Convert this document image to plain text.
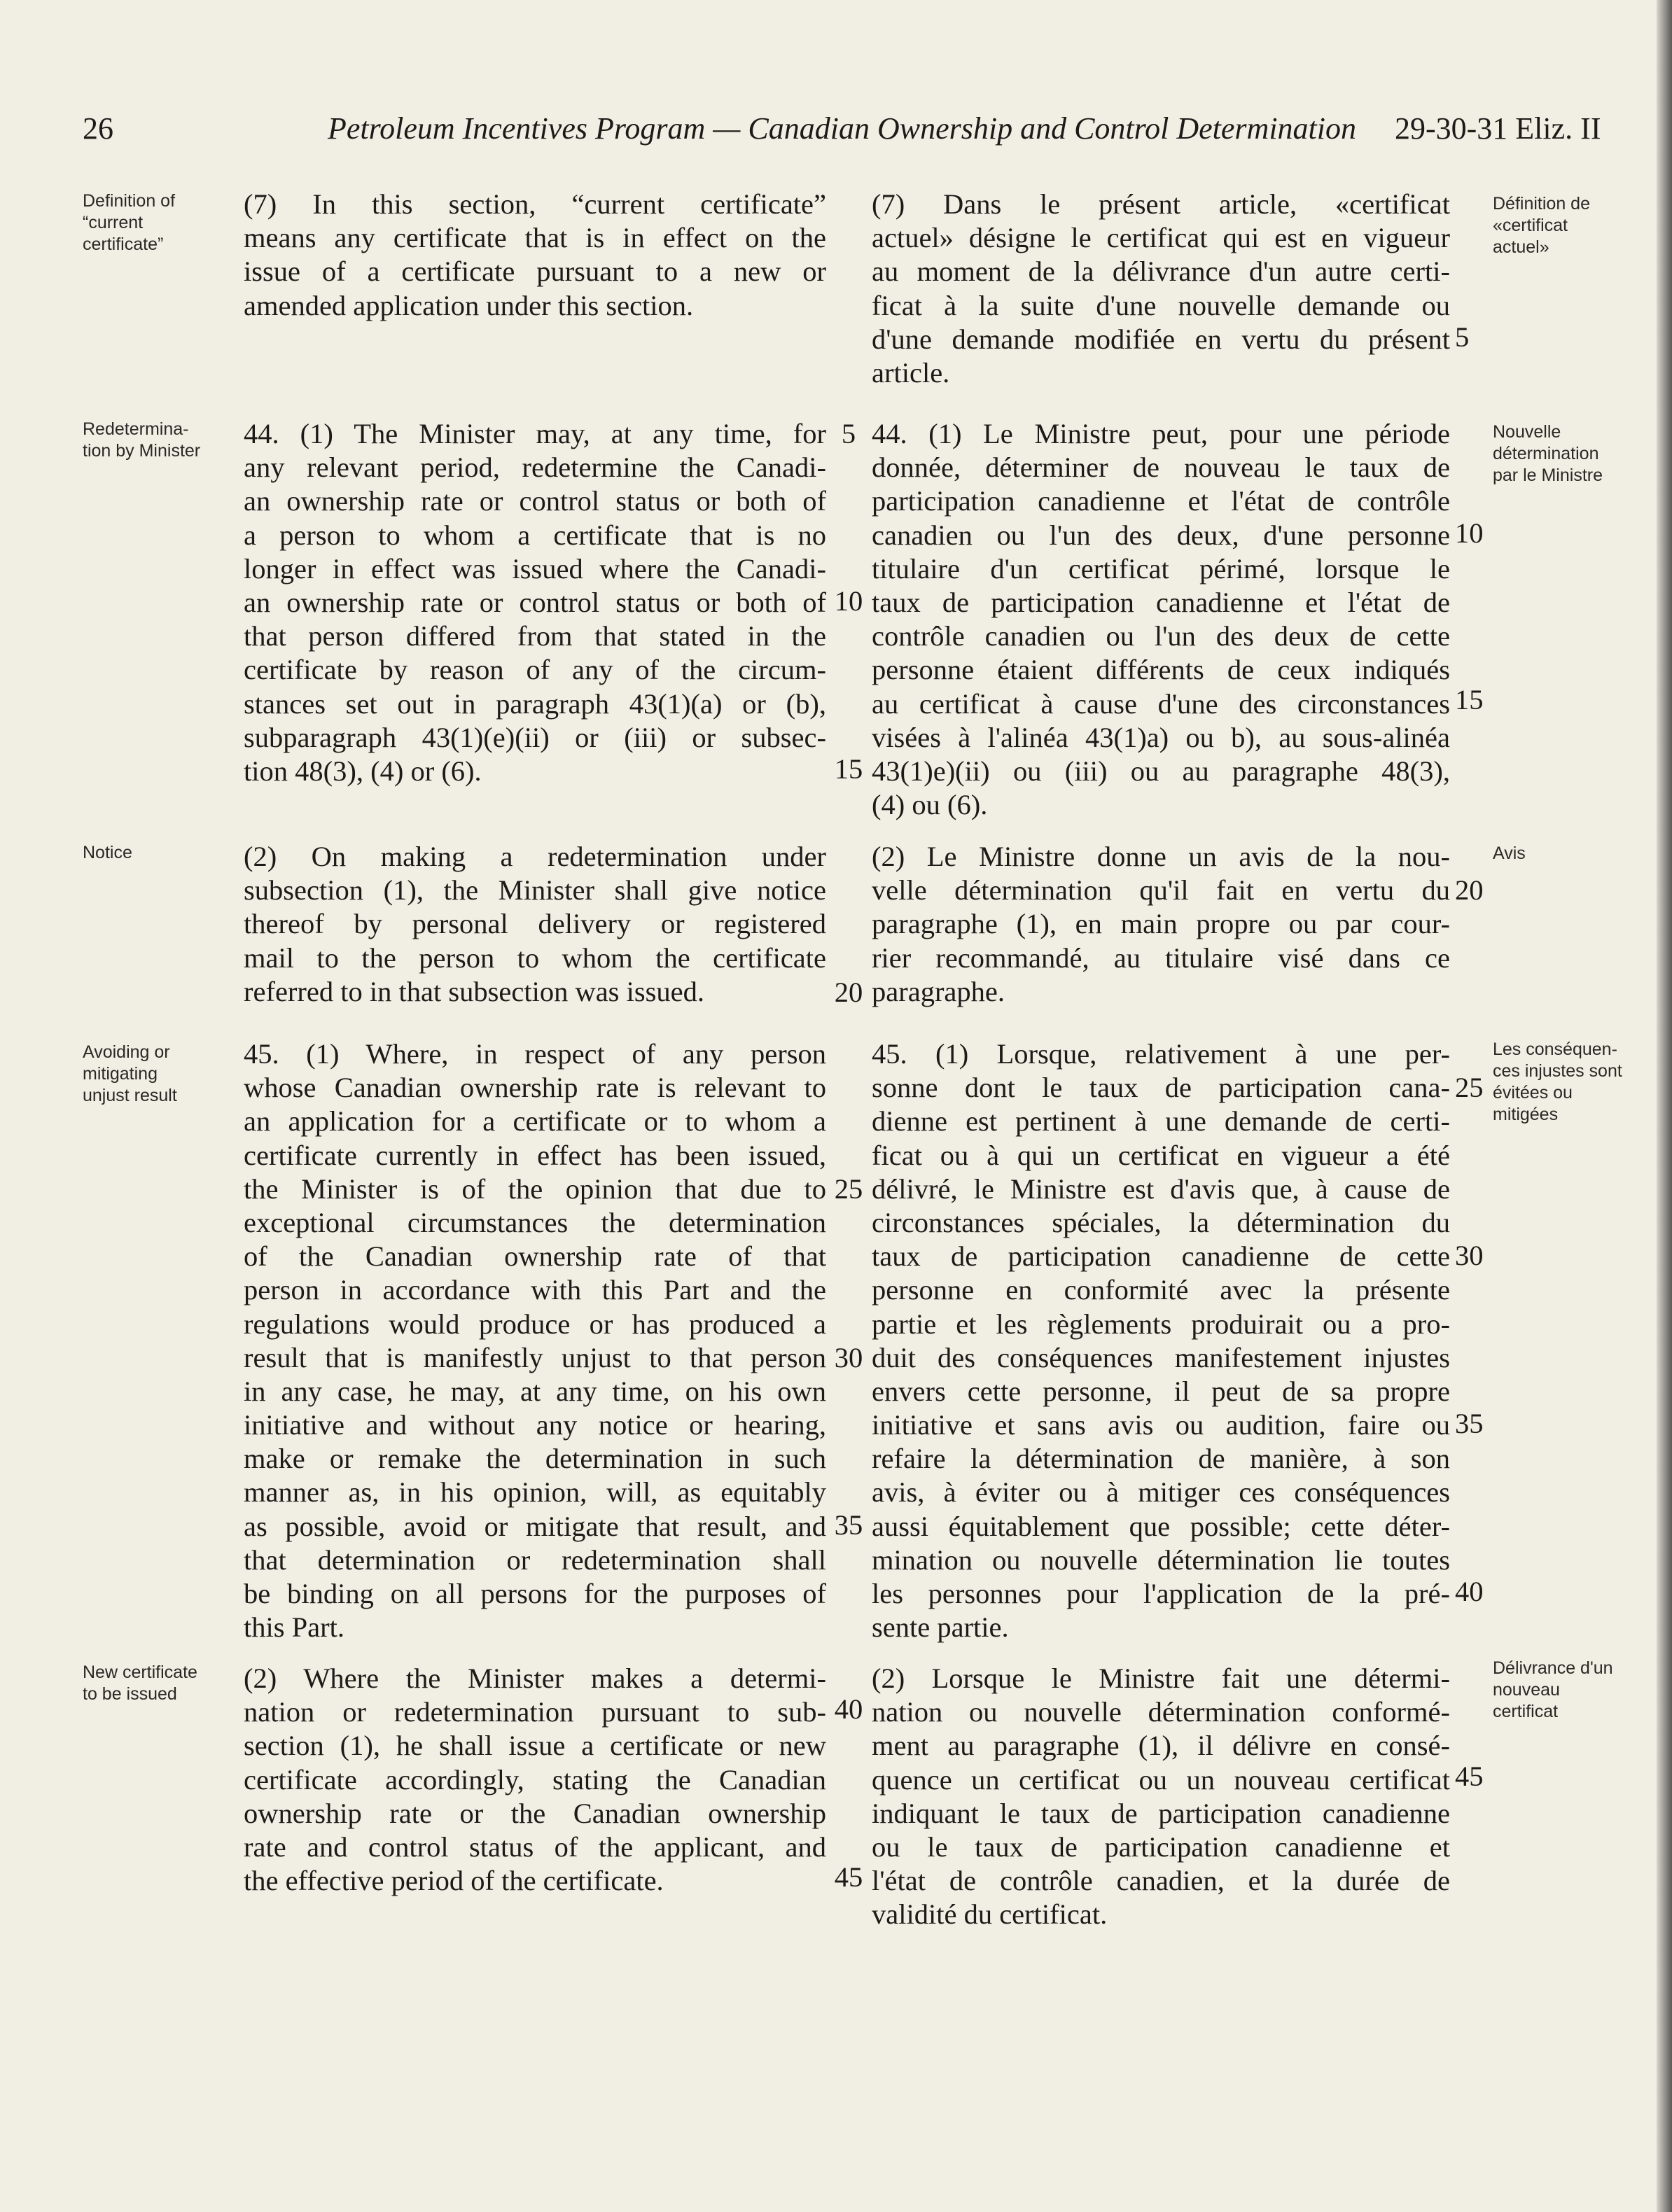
26	Petroleum Incentives Program — Canadian Ownership and Control Determination 29-30-31 Eliz. II
Definition of
“current
certificate”
Redetermina-
tion by Minister
Notice
Avoiding or
mitigating
unjust result
New certificate
to be issued
Définition de
«certificat
actuel»
Nouvelle
détermination
par le Ministre
Avis
Les conséquen-
ces injustes sont
évitées ou
mitigées
Délivrance d'un
nouveau
certificat
(7) In this section, “current certificate”
means any certificate that is in effect on the
issue of a certificate pursuant to a new or
amended application under this section.
44. (1) The Minister may, at any time, for
any relevant period, redetermine the Canadi-
an ownership rate or control status or both of
a person to whom a certificate that is no
longer in effect was issued where the Canadi-
an ownership rate or control status or both of
that person differed from that stated in the
certificate by reason of any of the circum-
stances set out in paragraph 43(1)(a) or (b),
subparagraph 43(1)(e)(ii) or (iii) or subsec-
tion 48(3), (4) or (6).
(2) On making a redetermination under
subsection (1), the Minister shall give notice
thereof by personal delivery or registered
mail to the person to whom the certificate
referred to in that subsection was issued.
45. (1) Where, in respect of any person
whose Canadian ownership rate is relevant to
an application for a certificate or to whom a
certificate currently in effect has been issued,
the Minister is of the opinion that due to
exceptional circumstances the determination
of the Canadian ownership rate of that
person in accordance with this Part and the
regulations would produce or has produced a
result that is manifestly unjust to that person
in any case, he may, at any time, on his own
initiative and without any notice or hearing,
make or remake the determination in such
manner as, in his opinion, will, as equitably
as possible, avoid or mitigate that result, and
that determination or redetermination shall
be binding on all persons for the purposes of
this Part.
(2) Where the Minister makes a determi-
nation or redetermination pursuant to sub-
section (1), he shall issue a certificate or new
certificate accordingly, stating the Canadian
ownership rate or the Canadian ownership
rate and control status of the applicant, and
the effective period of the certificate.
(7) Dans le présent article, «certificat
actuel» désigne le certificat qui est en vigueur
au moment de la délivrance d'un autre certi-
ficat à la suite d'une nouvelle demande ou
d'une demande modifiée en vertu du présent
article.
44. (1) Le Ministre peut, pour une période
donnée, déterminer de nouveau le taux de
participation canadienne et l'état de contrôle
canadien ou l'un des deux, d'une personne
titulaire d'un certificat périmé, lorsque le
taux de participation canadienne et l'état de
contrôle canadien ou l'un des deux de cette
personne étaient différents de ceux indiqués
au certificat à cause d'une des circonstances
visées à l'alinéa 43(1)a) ou b), au sous-alinéa
43(1)e)(ii) ou (iii) ou au paragraphe 48(3),
(4) ou (6).
(2) Le Ministre donne un avis de la nou-
velle détermination qu'il fait en vertu du
paragraphe (1), en main propre ou par cour-
rier recommandé, au titulaire visé dans ce
paragraphe.
45. (1) Lorsque, relativement à une per-
sonne dont le taux de participation cana-
dienne est pertinent à une demande de certi-
ficat ou à qui un certificat en vigueur a été
délivré, le Ministre est d'avis que, à cause de
circonstances spéciales, la détermination du
taux de participation canadienne de cette
personne en conformité avec la présente
partie et les règlements produirait ou a pro-
duit des conséquences manifestement injustes
envers cette personne, il peut de sa propre
initiative et sans avis ou audition, faire ou
refaire la détermination de manière, à son
avis, à éviter ou à mitiger ces conséquences
aussi équitablement que possible; cette déter-
mination ou nouvelle détermination lie toutes
les personnes pour l'application de la pré-
sente partie.
(2) Lorsque le Ministre fait une détermi-
nation ou nouvelle détermination conformé-
ment au paragraphe (1), il délivre en consé-
quence un certificat ou un nouveau certificat
indiquant le taux de participation canadienne
ou le taux de participation canadienne et
l'état de contrôle canadien, et la durée de
validité du certificat.
5
10
15
20
25
30
35
40
45
5
10
15
20
25
30
35
40
45
